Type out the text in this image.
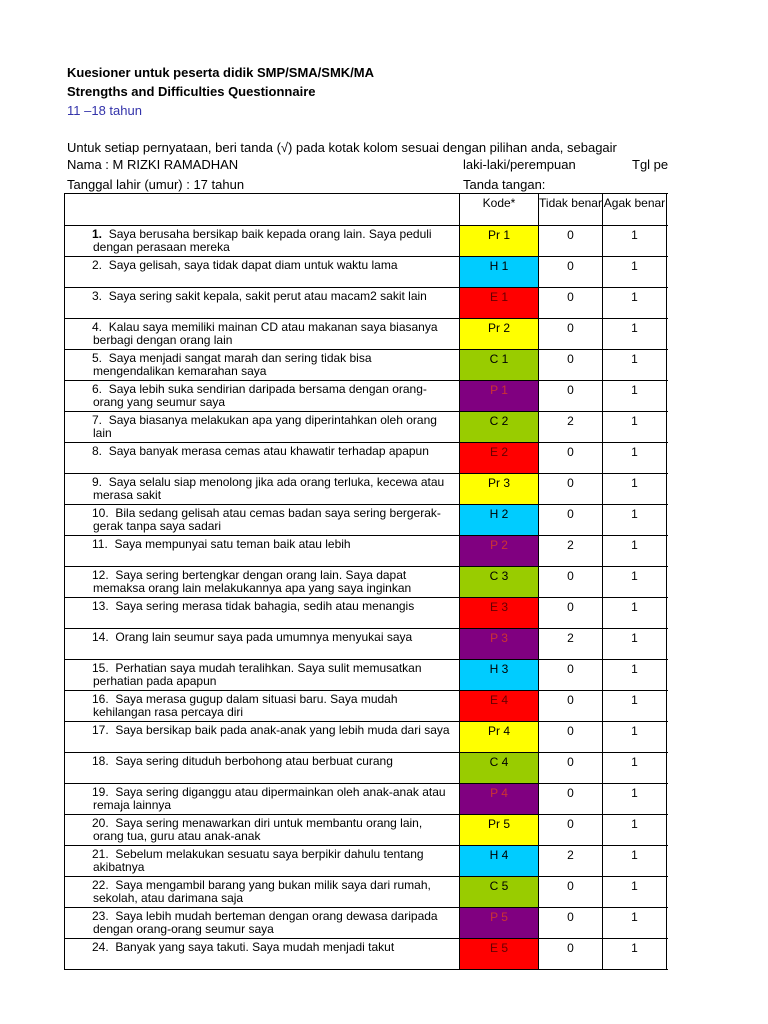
Kuesioner untuk peserta didik SMP/SMA/SMK/MA
Strengths and Difficulties Questionnaire
11 –18 tahun
Untuk setiap pernyataan, beri tanda (√) pada kotak kolom sesuai dengan pilihan anda, sebagair
Nama : M RIZKI RAMADHAN	laki-laki/perempuan	Tgl pe
Tanggal lahir (umur) : 17 tahun	Tanda tangan:
	Kode*	Tidak benar	Agak benar	
1. Saya berusaha bersikap baik kepada orang lain. Saya peduli dengan perasaan mereka	Pr 1	0	1	
2. Saya gelisah, saya tidak dapat diam untuk waktu lama	H 1	0	1	
3. Saya sering sakit kepala, sakit perut atau macam2 sakit lain	E 1	0	1	
4. Kalau saya memiliki mainan CD atau makanan saya biasanya berbagi dengan orang lain	Pr 2	0	1	
5. Saya menjadi sangat marah dan sering tidak bisa mengendalikan kemarahan saya	C 1	0	1	
6. Saya lebih suka sendirian daripada bersama dengan orang-orang yang seumur saya	P 1	0	1	
7. Saya biasanya melakukan apa yang diperintahkan oleh orang lain	C 2	2	1	
8. Saya banyak merasa cemas atau khawatir terhadap apapun	E 2	0	1	
9. Saya selalu siap menolong jika ada orang terluka, kecewa atau merasa sakit	Pr 3	0	1	
10. Bila sedang gelisah atau cemas badan saya sering bergerak-gerak tanpa saya sadari	H 2	0	1	
11. Saya mempunyai satu teman baik atau lebih	P 2	2	1	
12. Saya sering bertengkar dengan orang lain. Saya dapat memaksa orang lain melakukannya apa yang saya inginkan	C 3	0	1	
13. Saya sering merasa tidak bahagia, sedih atau menangis	E 3	0	1	
14. Orang lain seumur saya pada umumnya menyukai saya	P 3	2	1	
15. Perhatian saya mudah teralihkan. Saya sulit memusatkan perhatian pada apapun	H 3	0	1	
16. Saya merasa gugup dalam situasi baru. Saya mudah kehilangan rasa percaya diri	E 4	0	1	
17. Saya bersikap baik pada anak-anak yang lebih muda dari saya	Pr 4	0	1	
18. Saya sering dituduh berbohong atau berbuat curang	C 4	0	1	
19. Saya sering diganggu atau dipermainkan oleh anak-anak atau remaja lainnya	P 4	0	1	
20. Saya sering menawarkan diri untuk membantu orang lain, orang tua, guru atau anak-anak	Pr 5	0	1	
21. Sebelum melakukan sesuatu saya berpikir dahulu tentang akibatnya	H 4	2	1	
22. Saya mengambil barang yang bukan milik saya dari rumah, sekolah, atau darimana saja	C 5	0	1	
23. Saya lebih mudah berteman dengan orang dewasa daripada dengan orang-orang seumur saya	P 5	0	1	
24. Banyak yang saya takuti. Saya mudah menjadi takut	E 5	0	1	
